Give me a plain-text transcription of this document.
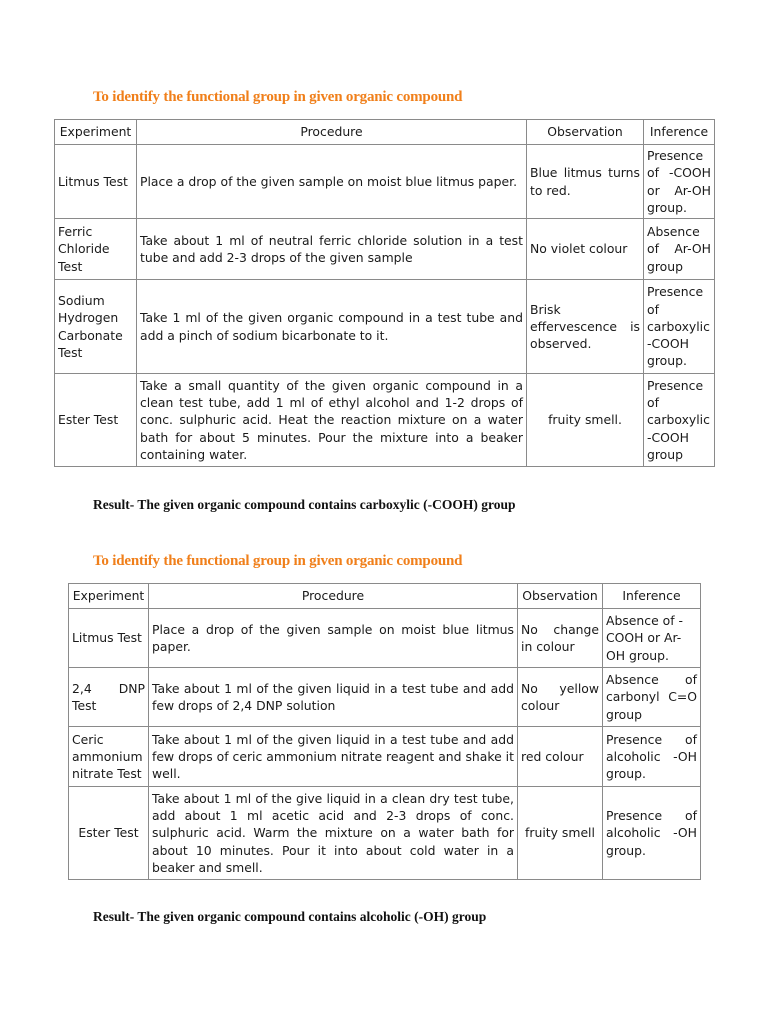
To identify the functional group in given organic compound
Experiment	Procedure	Observation	Inference
Litmus Test	Place a drop of the given sample on moist blue litmus paper.	Blue litmus turns to red.	Presence of -COOH or Ar-OH group.
Ferric Chloride Test	Take about 1 ml of neutral ferric chloride solution in a test tube and add 2-3 drops of the given sample	No violet colour	Absence of Ar-OH group
Sodium Hydrogen Carbonate Test	Take 1 ml of the given organic compound in a test tube and add a pinch of sodium bicarbonate to it.	Brisk effervescence is observed.	Presence of carboxylic -COOH group.
Ester Test	Take a small quantity of the given organic compound in a clean test tube, add 1 ml of ethyl alcohol and 1-2 drops of conc. sulphuric acid. Heat the reaction mixture on a water bath for about 5 minutes. Pour the mixture into a beaker containing water.	fruity smell.	Presence of carboxylic -COOH group
Result- The given organic compound contains carboxylic (-COOH) group
To identify the functional group in given organic compound
Experiment	Procedure	Observation	Inference
Litmus Test	Place a drop of the given sample on moist blue litmus paper.	No change in colour	Absence of -COOH or Ar-OH group.
2,4 DNP Test	Take about 1 ml of the given liquid in a test tube and add few drops of 2,4 DNP solution	No yellow colour	Absence of carbonyl C=O group
Ceric ammonium nitrate Test	Take about 1 ml of the given liquid in a test tube and add few drops of ceric ammonium nitrate reagent and shake it well.	red colour	Presence of alcoholic -OH group.
Ester Test	Take about 1 ml of the give liquid in a clean dry test tube, add about 1 ml acetic acid and 2-3 drops of conc. sulphuric acid. Warm the mixture on a water bath for about 10 minutes. Pour it into about cold water in a beaker and smell.	fruity smell	Presence of alcoholic -OH group.
Result- The given organic compound contains alcoholic (-OH) group
